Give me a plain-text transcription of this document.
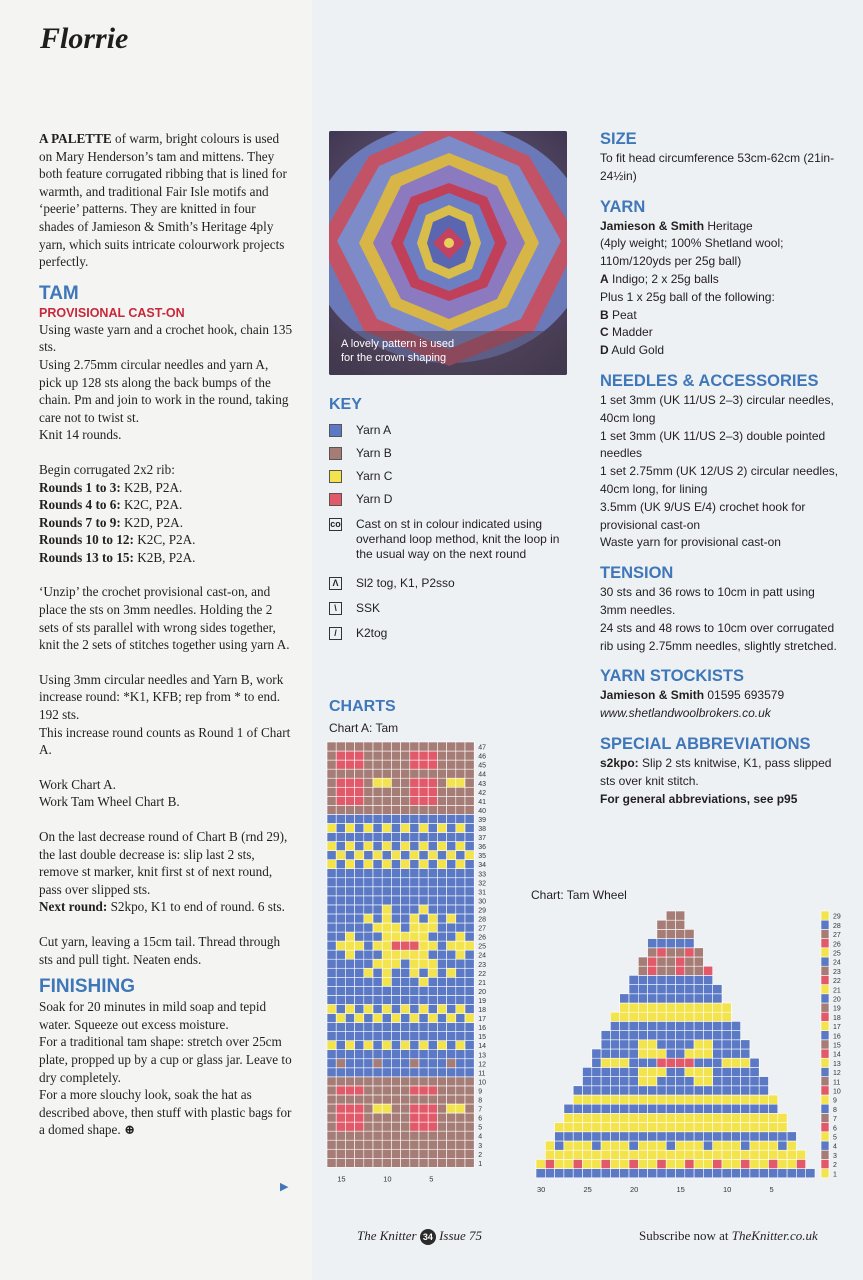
Florrie

A PALETTE of warm, bright colours is used on Mary Henderson’s tam and mittens. They both feature corrugated ribbing that is lined for warmth, and traditional Fair Isle motifs and ‘peerie’ patterns. They are knitted in four shades of Jamieson & Smith’s Heritage 4ply yarn, which suits intricate colourwork projects perfectly.

TAM
PROVISIONAL CAST-ON

Using waste yarn and a crochet hook, chain 135 sts.

Using 2.75mm circular needles and yarn A, pick up 128 sts along the back bumps of the chain. Pm and join to work in the round, taking care not to twist st.

Knit 14 rounds.

Begin corrugated 2x2 rib:

Rounds 1 to 3: K2B, P2A.

Rounds 4 to 6: K2C, P2A.

Rounds 7 to 9: K2D, P2A.

Rounds 10 to 12: K2C, P2A.

Rounds 13 to 15: K2B, P2A.

‘Unzip’ the crochet provisional cast-on, and place the sts on 3mm needles. Holding the 2 sets of sts parallel with wrong sides together, knit the 2 sets of stitches together using yarn A.

Using 3mm circular needles and Yarn B, work increase round: *K1, KFB; rep from * to end. 192 sts.

This increase round counts as Round 1 of Chart A.

Work Chart A.

Work Tam Wheel Chart B.

On the last decrease round of Chart B (rnd 29), the last double decrease is: slip last 2 sts, remove st marker, knit first st of next round, pass over slipped sts.

Next round: S2kpo, K1 to end of round. 6 sts.

Cut yarn, leaving a 15cm tail. Thread through sts and pull tight. Neaten ends.

FINISHING

Soak for 20 minutes in mild soap and tepid water. Squeeze out excess moisture.

For a traditional tam shape: stretch over 25cm plate, propped up by a cup or glass jar. Leave to dry completely.

For a more slouchy look, soak the hat as described above, then stuff with plastic bags for a domed shape. ⊕

▶
A lovely pattern is used
for the crown shaping
KEY
Yarn A
Yarn B
Yarn C
Yarn D
co Cast on st in colour indicated using overhand loop method, knit the loop in the usual way on the next round
Λ Sl2 tog, K1, P2sso
\	SSK
/	K2tog
SIZE

To fit head circumference 53cm-62cm (21in-24½in)

YARN

Jamieson & Smith Heritage

(4ply weight; 100% Shetland wool; 110m/120yds per 25g ball)

A Indigo; 2 x 25g balls

Plus 1 x 25g ball of the following:

B Peat

C Madder

D Auld Gold

NEEDLES & ACCESSORIES

1 set 3mm (UK 11/US 2–3) circular needles, 40cm long

1 set 3mm (UK 11/US 2–3) double pointed needles

1 set 2.75mm (UK 12/US 2) circular needles, 40cm long, for lining

3.5mm (UK 9/US E/4) crochet hook for provisional cast-on

Waste yarn for provisional cast-on

TENSION

30 sts and 36 rows to 10cm in patt using 3mm needles.

24 sts and 48 rows to 10cm over corrugated rib using 2.75mm needles, slightly stretched.

YARN STOCKISTS

Jamieson & Smith 01595 693579

www.shetlandwoolbrokers.co.uk

SPECIAL ABBREVIATIONS

s2kpo: Slip 2 sts knitwise, K1, pass slipped sts over knit stitch.

For general abbreviations, see p95

CHARTS
Chart A: Tam
Chart: Tam Wheel
1
2
3
4
5
6
7
8
9
10
11
12
13
14
15
16
17
18
19
20
21
22
23
24
25
26
27
28
29
30
31
32
33
34
35
36
37
38
39
40
41
42
43
44
45
46
47
15	10	5	1
2
3
4
5
6
7
8
9
10
11
12
13
14
15
16
17
18
19
20
21
22
23
24
25
26
27
28
29
30	25	20	15	10	5
The Knitter 34 Issue 75	Subscribe now at TheKnitter.co.uk
